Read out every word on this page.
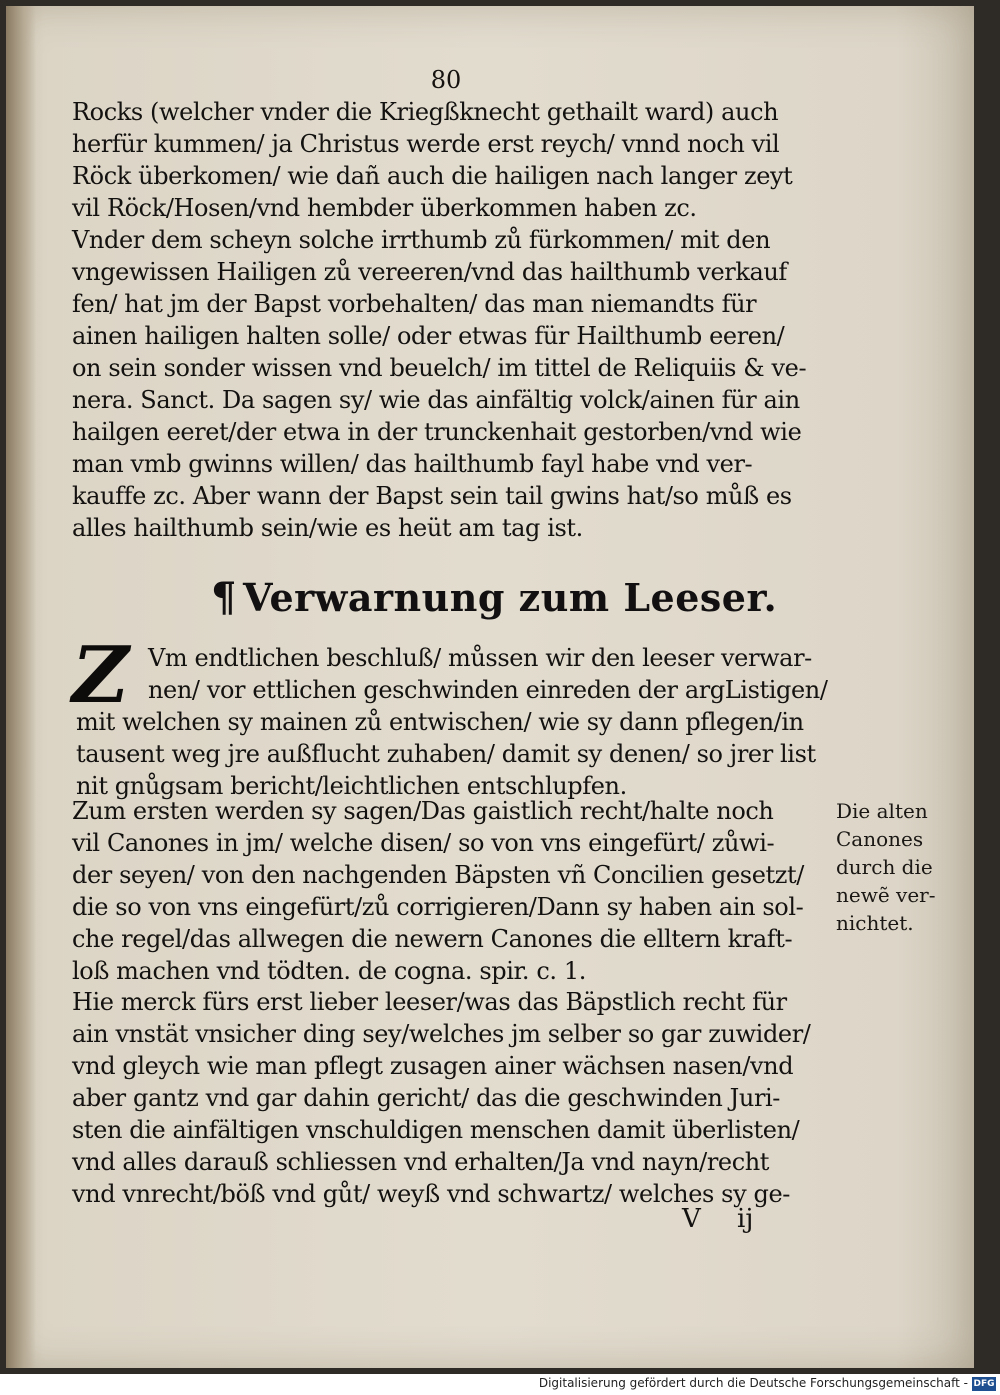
80

Rocks (welcher vnder die Kriegßknecht gethailt ward) auch
herfür kummen/ ja Christus werde erst reych/ vnnd noch vil
Röck überkomen/ wie dañ auch die hailigen nach langer zeyt
vil Röck/Hosen/vnd hembder überkommen haben zc.
Vnder dem scheyn solche irrthumb zů fürkommen/ mit den
vngewissen Hailigen zů vereeren/vnd das hailthumb verkauf
fen/ hat jm der Bapst vorbehalten/ das man niemandts für
ainen hailigen halten solle/ oder etwas für Hailthumb eeren/
on sein sonder wissen vnd beuelch/ im tittel de Reliquiis & ve-
nera. Sanct. Da sagen sy/ wie das ainfältig volck/ainen für ain
hailgen eeret/der etwa in der trunckenhait gestorben/vnd wie
man vmb gwinns willen/ das hailthumb fayl habe vnd ver-
kauffe zc. Aber wann der Bapst sein tail gwins hat/so můß es
alles hailthumb sein/wie es heüt am tag ist.
¶ Verwarnung zum Leeser.
Z Vm endtlichen beschluß/ můssen wir den leeser verwar-
nen/ vor ettlichen geschwinden einreden der argListigen/
mit welchen sy mainen zů entwischen/ wie sy dann pflegen/in
tausent weg jre außflucht zuhaben/ damit sy denen/ so jrer list
nit gnůgsam bericht/leichtlichen entschlupfen.
Zum ersten werden sy sagen/Das gaistlich recht/halte noch
vil Canones in jm/ welche disen/ so von vns eingefürt/ zůwi-
der seyen/ von den nachgenden Bäpsten vñ Concilien gesetzt/
die so von vns eingefürt/zů corrigieren/Dann sy haben ain sol-
che regel/das allwegen die newern Canones die elltern kraft-
loß machen vnd tödten. de cogna. spir. c. 1.
Die alten
Canones
durch die
newẽ ver-
nichtet.
Hie merck fürs erst lieber leeser/was das Bäpstlich recht für
ain vnstät vnsicher ding sey/welches jm selber so gar zuwider/
vnd gleych wie man pflegt zusagen ainer wächsen nasen/vnd
aber gantz vnd gar dahin gericht/ das die geschwinden Juri-
sten die ainfältigen vnschuldigen menschen damit überlisten/
vnd alles darauß schliessen vnd erhalten/Ja vnd nayn/recht
vnd vnrecht/böß vnd gůt/ weyß vnd schwartz/ welches sy ge-

V ij

Digitalisierung gefördert durch die Deutsche Forschungsgemeinschaft - DFG
